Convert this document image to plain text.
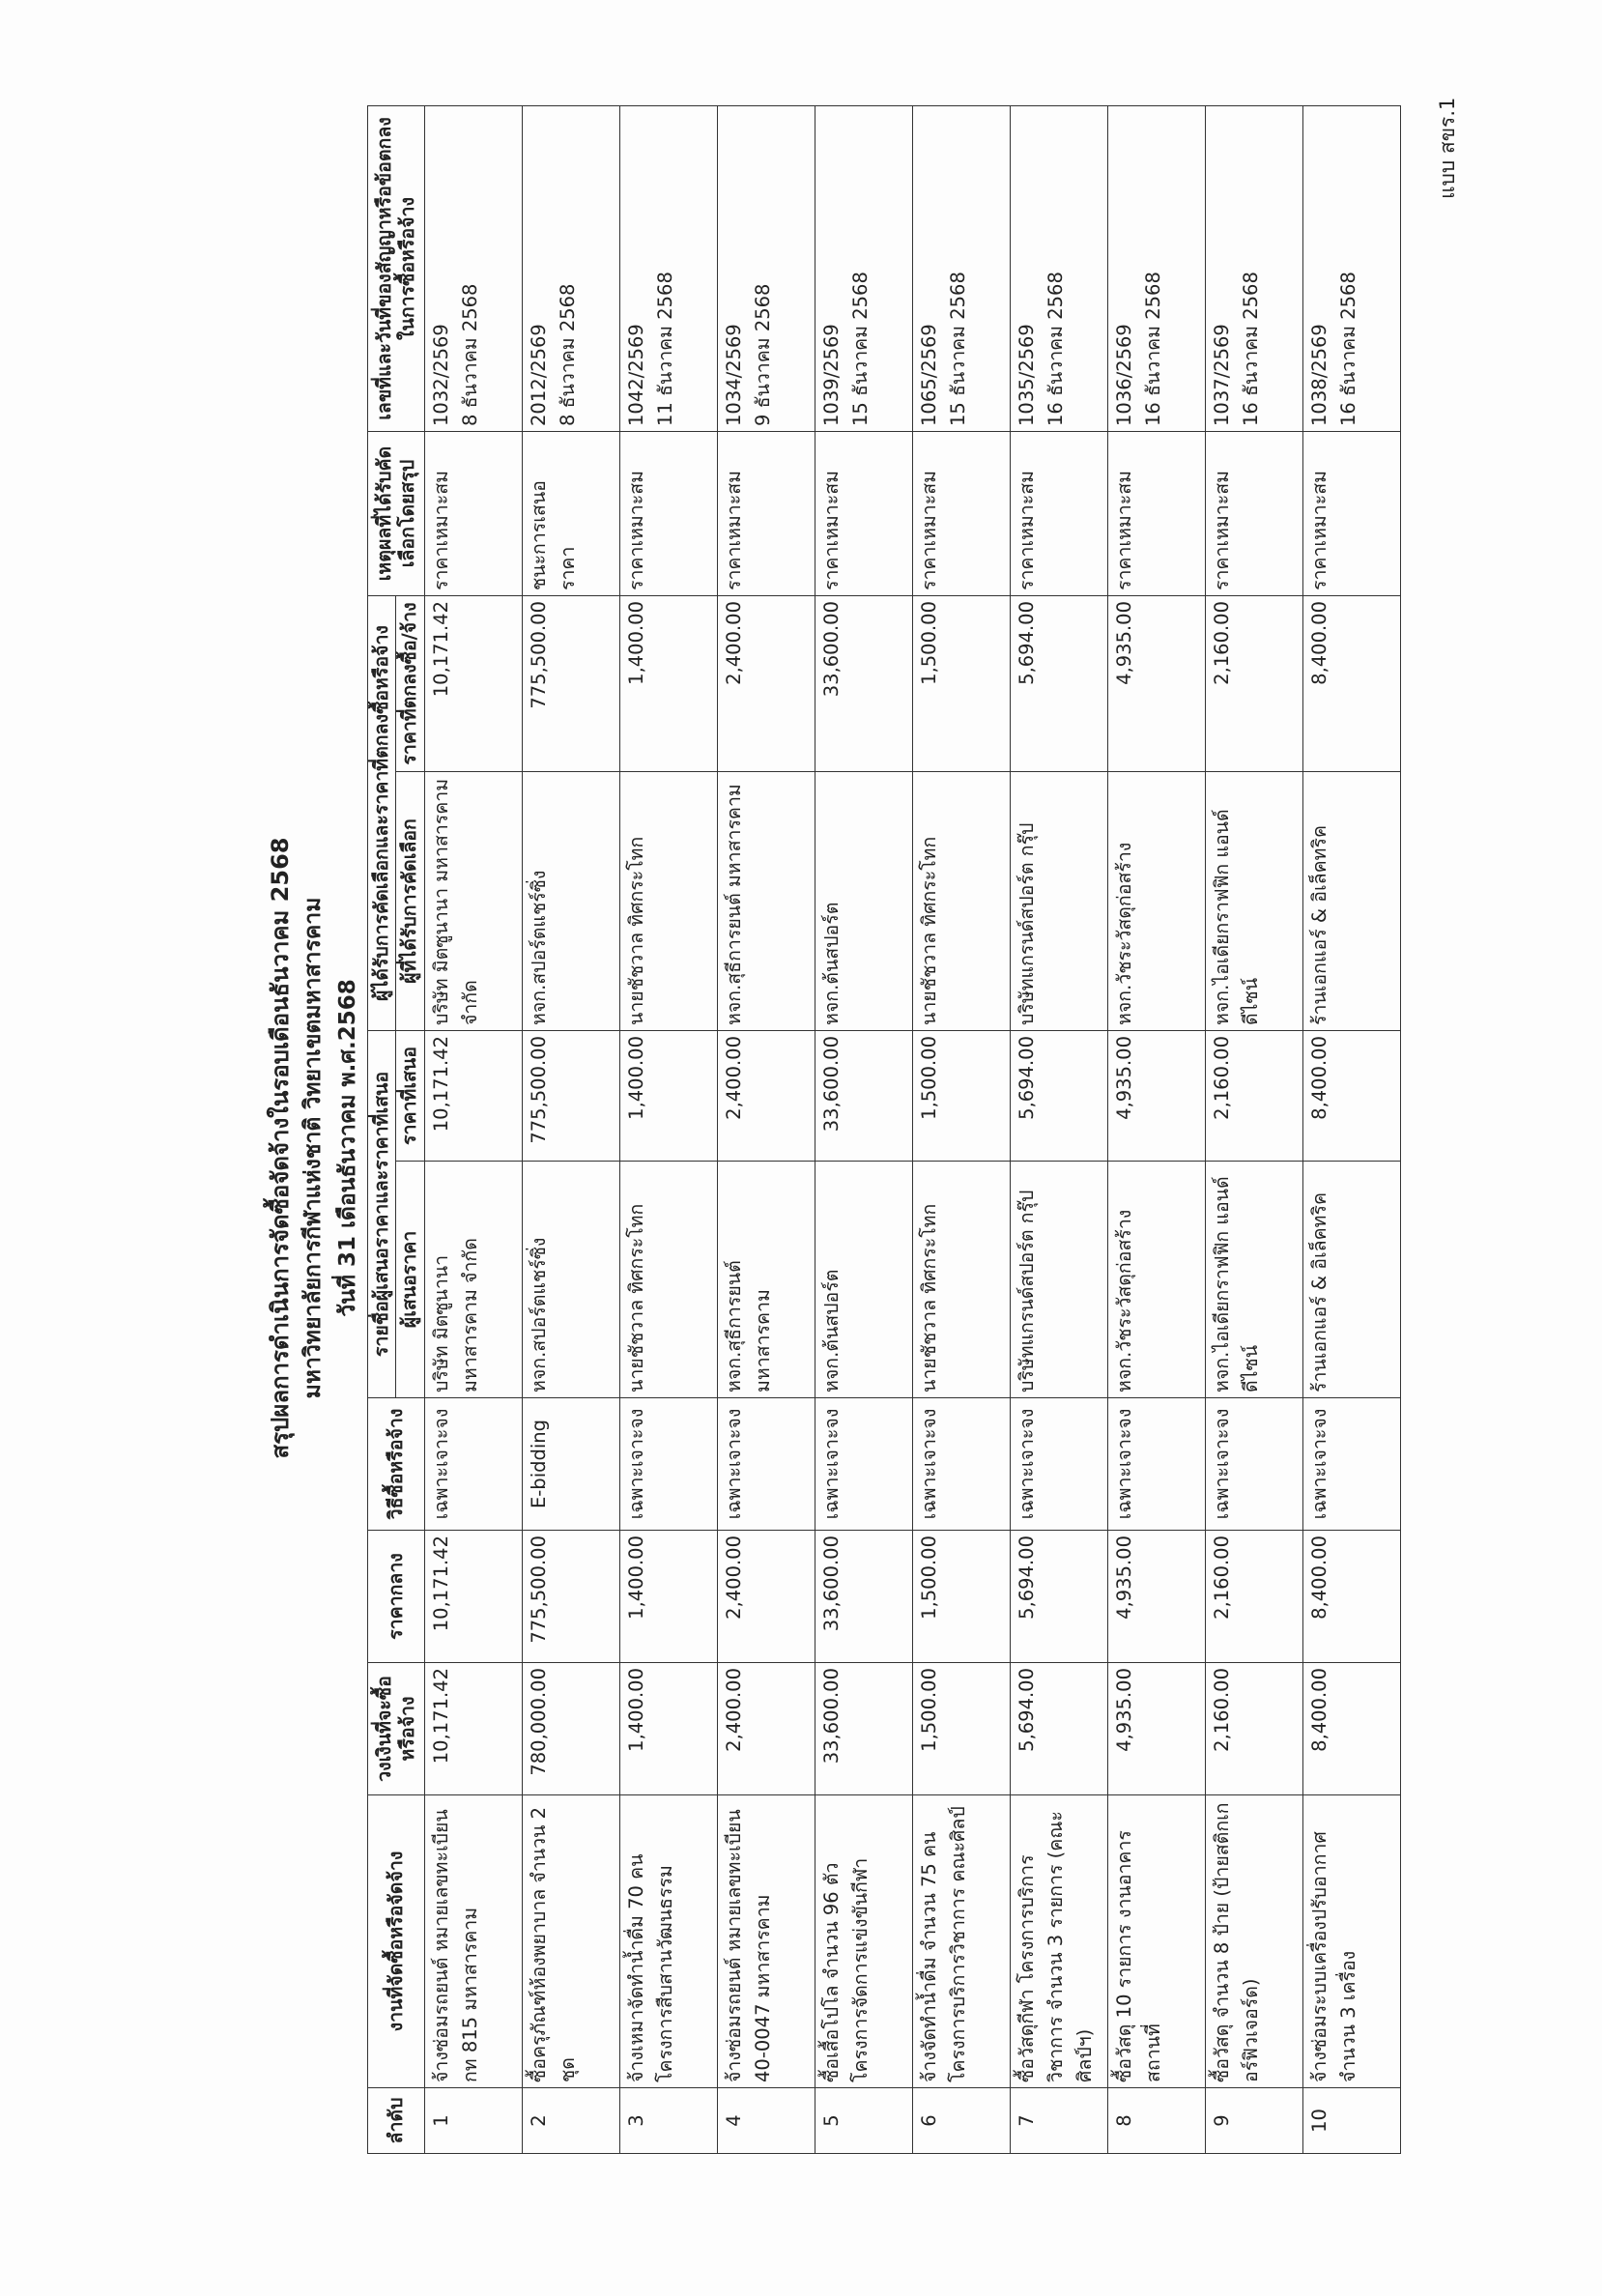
แบบ สขร.1
สรุปผลการดำเนินการจัดซื้อจัดจ้างในรอบเดือนธันวาคม 2568 มหาวิทยาลัยการกีฬาแห่งชาติ วิทยาเขตมหาสารคาม วันที่ 31 เดือนธันวาคม พ.ศ.2568
ลำดับ	งานที่จัดซื้อหรือจัดจ้าง	วงเงินที่จะซื้อหรือจ้าง	ราคากลาง	วิธีซื้อหรือจ้าง	รายชื่อผู้เสนอราคาและราคาที่เสนอ		ผู้ได้รับการคัดเลือกและราคาที่ตกลงซื้อหรือจ้าง		เหตุผลที่ได้รับคัดเลือกโดยสรุป	เลขที่และวันที่ของสัญญาหรือข้อตกลงในการซื้อหรือจ้าง
					ผู้เสนอราคา	ราคาที่เสนอ	ผู้ที่ได้รับการคัดเลือก	ราคาที่ตกลงซื้อ/จ้าง		
1	จ้างซ่อมรถยนต์ หมายเลขทะเบียน กท 815 มหาสารคาม	10,171.42	10,171.42	เฉพาะเจาะจง	บริษัท มิตซูนานา มหาสารคาม จำกัด	10,171.42	บริษัท มิตซูนานา มหาสารคาม จำกัด	10,171.42	ราคาเหมาะสม	1032/2569 8 ธันวาคม 2568

2	ซื้อครุภัณฑ์ห้องพยาบาล จำนวน 2 ชุด	780,000.00	775,500.00	E-bidding	หจก.สปอร์ตแชร์ซิ่ง	775,500.00	หจก.สปอร์ตแชร์ซิ่ง	775,500.00	ชนะการเสนอราคา	2012/2569 8 ธันวาคม 2568

3	จ้างเหมาจัดทำน้ำดื่ม 70 คน โครงการสืบสานวัฒนธรรม	1,400.00	1,400.00	เฉพาะเจาะจง	นายชัชวาล ทิศกระโทก	1,400.00	นายชัชวาล ทิศกระโทก	1,400.00	ราคาเหมาะสม	1042/2569 11 ธันวาคม 2568

4	จ้างซ่อมรถยนต์ หมายเลขทะเบียน 40-0047 มหาสารคาม	2,400.00	2,400.00	เฉพาะเจาะจง	หจก.สุธีการยนต์ มหาสารคาม	2,400.00	หจก.สุธีการยนต์ มหาสารคาม	2,400.00	ราคาเหมาะสม	1034/2569 9 ธันวาคม 2568

5	ซื้อเสื้อโปโล จำนวน 96 ตัว โครงการจัดการแข่งขันกีฬา	33,600.00	33,600.00	เฉพาะเจาะจง	หจก.ต้นสปอร์ต	33,600.00	หจก.ต้นสปอร์ต	33,600.00	ราคาเหมาะสม	1039/2569 15 ธันวาคม 2568

6	จ้างจัดทำน้ำดื่ม จำนวน 75 คน โครงการบริการวิชาการ คณะศิลป์	1,500.00	1,500.00	เฉพาะเจาะจง	นายชัชวาล ทิศกระโทก	1,500.00	นายชัชวาล ทิศกระโทก	1,500.00	ราคาเหมาะสม	1065/2569 15 ธันวาคม 2568

7	ซื้อวัสดุกีฬา โครงการบริการวิชาการ จำนวน 3 รายการ (คณะศิลป์ฯ)	5,694.00	5,694.00	เฉพาะเจาะจง	บริษัทแกรนด์สปอร์ต กรุ๊ป	5,694.00	บริษัทแกรนด์สปอร์ต กรุ๊ป	5,694.00	ราคาเหมาะสม	1035/2569 16 ธันวาคม 2568

8	ซื้อวัสดุ 10 รายการ งานอาคารสถานที่	4,935.00	4,935.00	เฉพาะเจาะจง	หจก.วัชระวัสดุก่อสร้าง	4,935.00	หจก.วัชระวัสดุก่อสร้าง	4,935.00	ราคาเหมาะสม	1036/2569 16 ธันวาคม 2568

9	ซื้อวัสดุ จำนวน 8 ป้าย (ป้ายสติกเกอร์ฟิวเจอร์ด)	2,160.00	2,160.00	เฉพาะเจาะจง	หจก.ไอเดียกราฟฟิก แอนด์ ดีไซน์	2,160.00	หจก.ไอเดียกราฟฟิก แอนด์ ดีไซน์	2,160.00	ราคาเหมาะสม	1037/2569 16 ธันวาคม 2568

10	จ้างซ่อมระบบเครื่องปรับอากาศ จำนวน 3 เครื่อง	8,400.00	8,400.00	เฉพาะเจาะจง	ร้านเอกแอร์ & อิเล็คทริค	8,400.00	ร้านเอกแอร์ & อิเล็คทริค	8,400.00	ราคาเหมาะสม	1038/2569 16 ธันวาคม 2568
